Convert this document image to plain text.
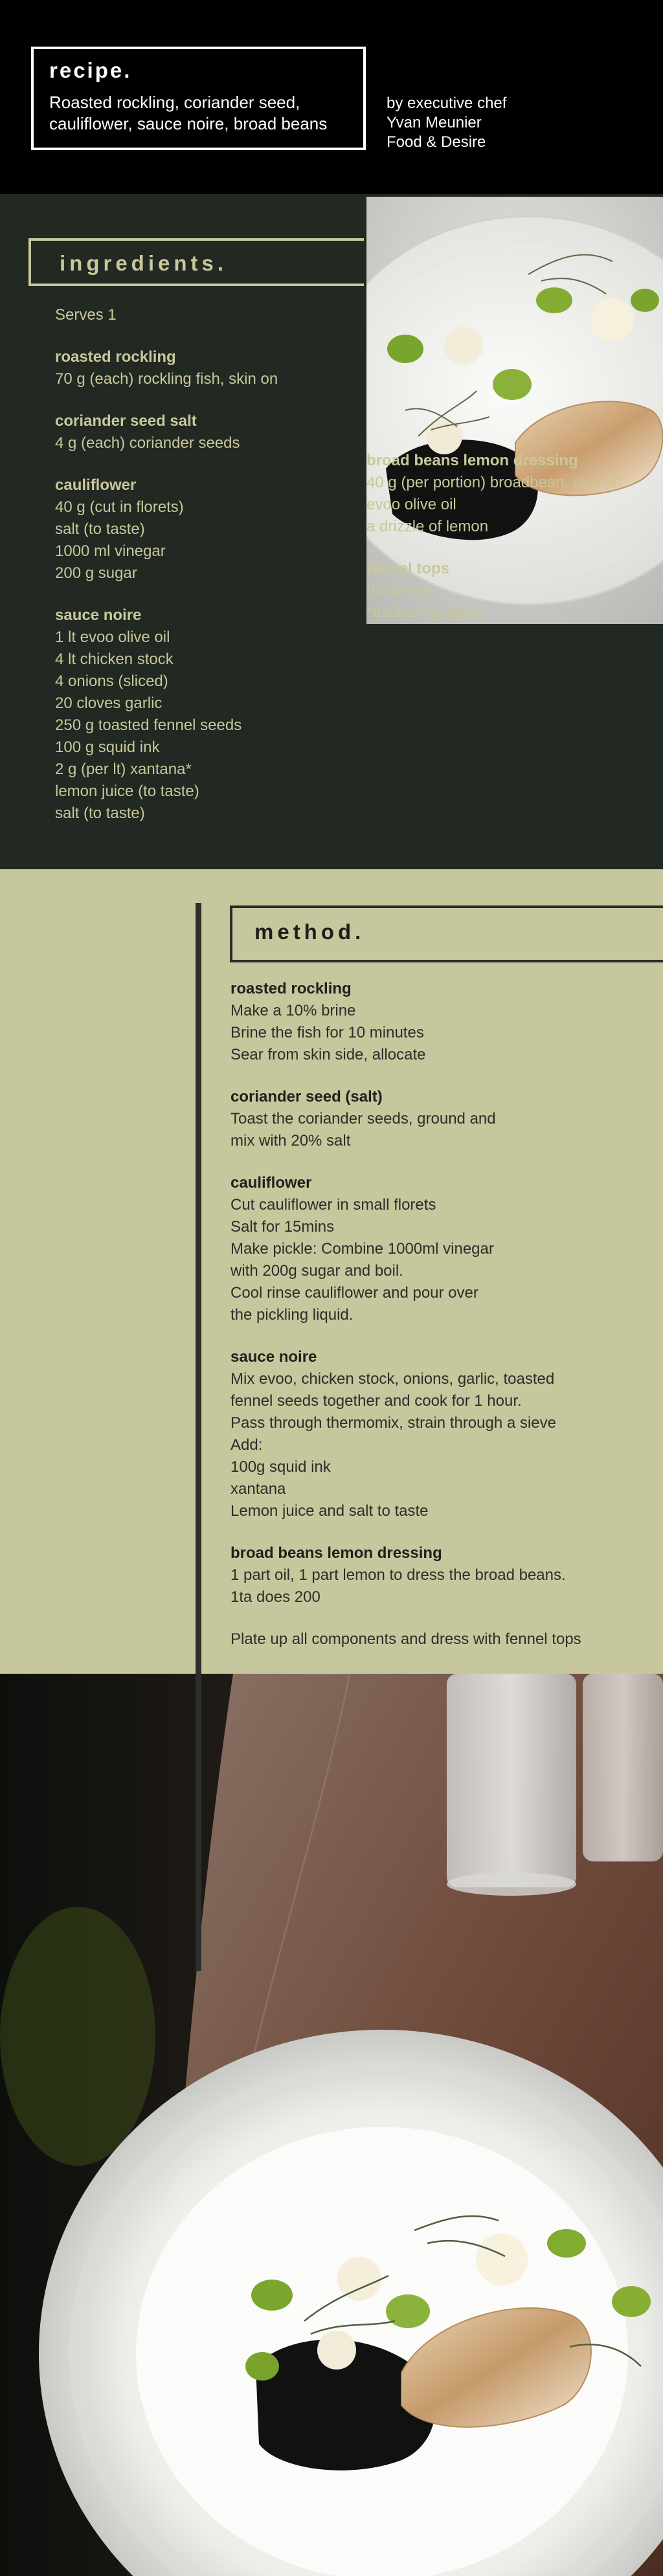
recipe.
Roasted rockling, coriander seed,
cauliflower, sauce noire, broad beans
by executive chef
Yvan Meunier
Food & Desire
ingredients.
Serves 1
roasted rockling
70 g (each) rockling fish, skin on
coriander seed salt
4 g (each) coriander seeds
cauliflower
40 g (cut in florets)
salt (to taste)
1000 ml vinegar
200 g sugar
sauce noire
1 lt evoo olive oil
4 lt chicken stock
4 onions (sliced)
20 cloves garlic
250 g toasted fennel seeds
100 g squid ink
2 g (per lt) xantana*
lemon juice (to taste)
salt (to taste)
broad beans lemon dressing
40 g (per portion) broadbean, skin off
evoo olive oil
a drizzle of lemon
fennel tops
(to serve)
*thickening agent
method.
roasted rockling
Make a 10% brine
Brine the fish for 10 minutes
Sear from skin side, allocate
coriander seed (salt)
Toast the coriander seeds, ground and
mix with 20% salt
cauliflower
Cut cauliflower in small florets
Salt for 15mins
Make pickle: Combine 1000ml vinegar
with 200g sugar and boil.
Cool rinse cauliflower and pour over
the pickling liquid.
sauce noire
Mix evoo, chicken stock, onions, garlic, toasted
fennel seeds together and cook for 1 hour.
Pass through thermomix, strain through a sieve
Add:
100g squid ink
xantana
Lemon juice and salt to taste
broad beans lemon dressing
1 part oil, 1 part lemon to dress the broad beans.
1ta does 200
Plate up all components and dress with fennel tops
